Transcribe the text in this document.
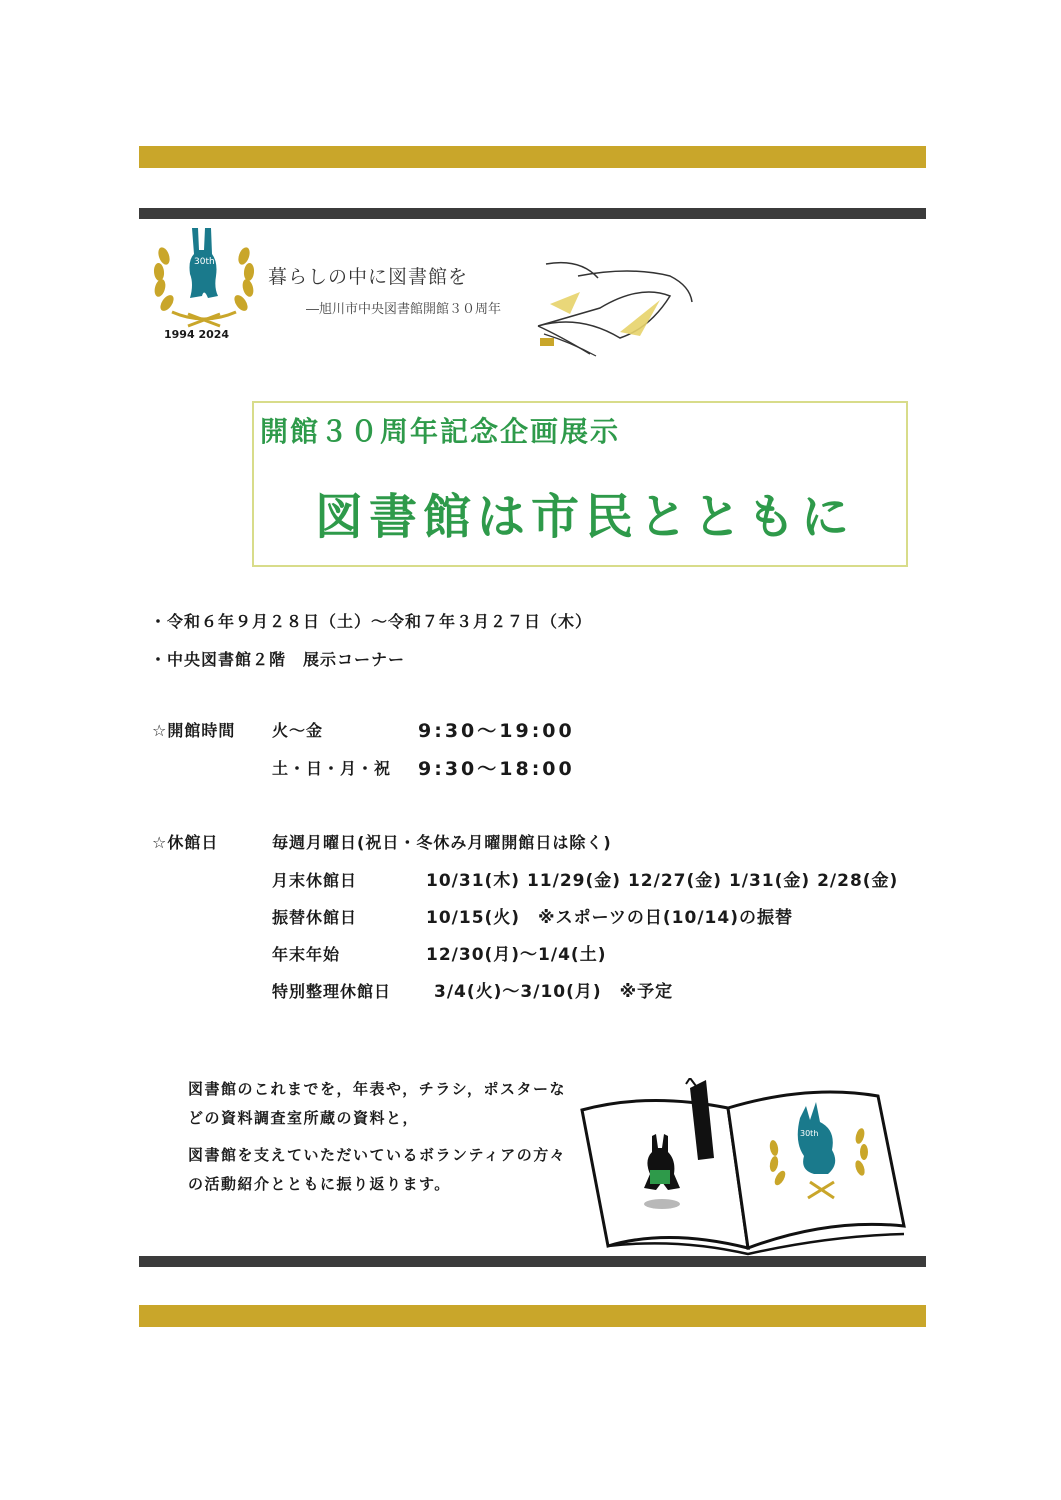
30th
1994 2024
暮らしの中に図書館を
―旭川市中央図書館開館３０周年
開館３０周年記念企画展示
図書館は市民とともに
・令和６年９月２８日（土）～令和７年３月２７日（木）
・中央図書館２階　展示コーナー
☆開館時間 火～金	9:30～19:00
土・日・月・祝 9:30～18:00
☆休館日	毎週月曜日(祝日・冬休み月曜開館日は除く)
月末休館日	10/31(木) 11/29(金) 12/27(金) 1/31(金) 2/28(金)
振替休館日	10/15(火)　※スポーツの日(10/14)の振替
年末年始	12/30(月)～1/4(土)
特別整理休館日	3/4(火)～3/10(月)　※予定

図書館のこれまでを，年表や，チラシ，ポスターなどの資料調査室所蔵の資料と，

図書館を支えていただいているボランティアの方々の活動紹介とともに振り返ります。

30th
